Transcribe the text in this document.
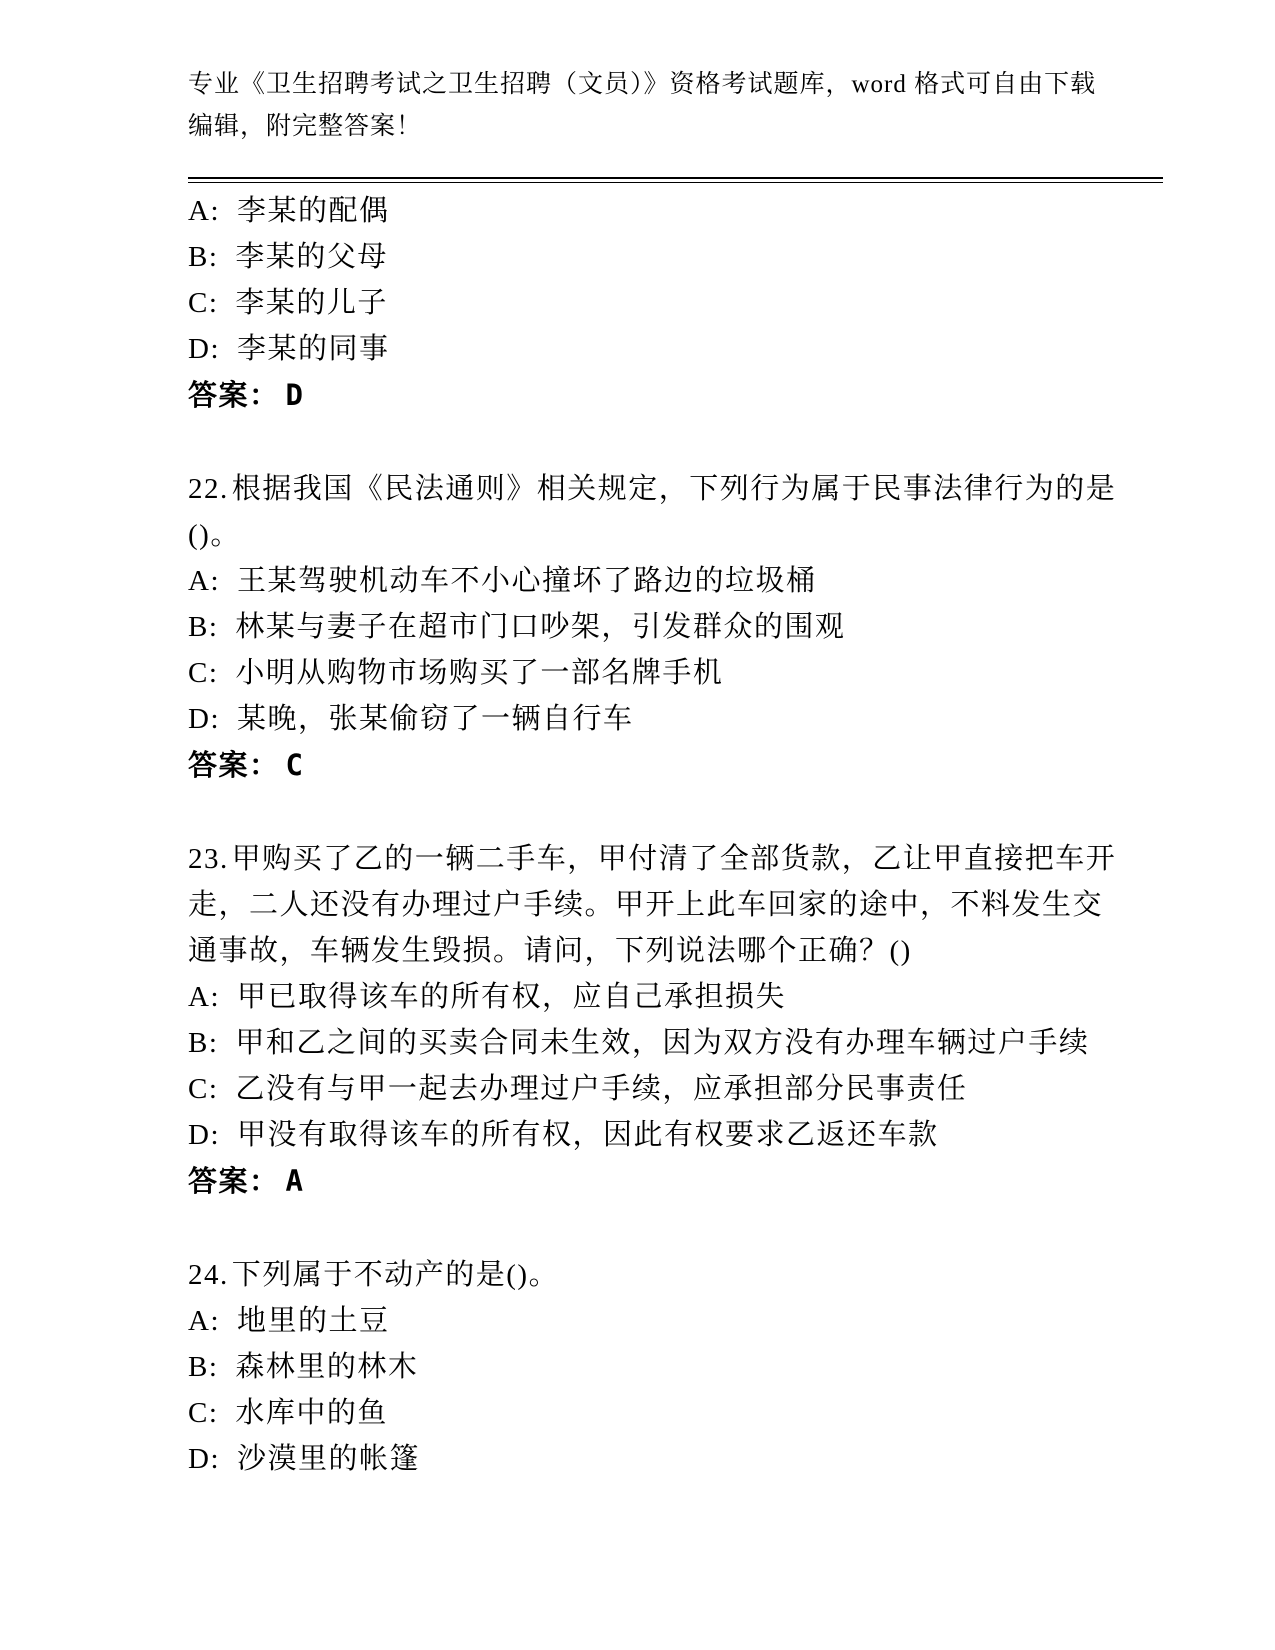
专业《卫生招聘考试之卫生招聘（文员）》资格考试题库，word 格式可自由下载编辑，附完整答案！

A: 李某的配偶

B: 李某的父母

C: 李某的儿子

D: 李某的同事

答案： D

22. 根据我国《民法通则》相关规定，下列行为属于民事法律行为的是()。

A: 王某驾驶机动车不小心撞坏了路边的垃圾桶

B: 林某与妻子在超市门口吵架，引发群众的围观

C: 小明从购物市场购买了一部名牌手机

D: 某晚，张某偷窃了一辆自行车

答案： C

23. 甲购买了乙的一辆二手车，甲付清了全部货款，乙让甲直接把车开走，二人还没有办理过户手续。甲开上此车回家的途中，不料发生交通事故，车辆发生毁损。请问，下列说法哪个正确？()

A: 甲已取得该车的所有权，应自己承担损失

B: 甲和乙之间的买卖合同未生效，因为双方没有办理车辆过户手续

C: 乙没有与甲一起去办理过户手续，应承担部分民事责任

D: 甲没有取得该车的所有权，因此有权要求乙返还车款

答案： A

24. 下列属于不动产的是()。

A: 地里的土豆

B: 森林里的林木

C: 水库中的鱼

D: 沙漠里的帐篷
